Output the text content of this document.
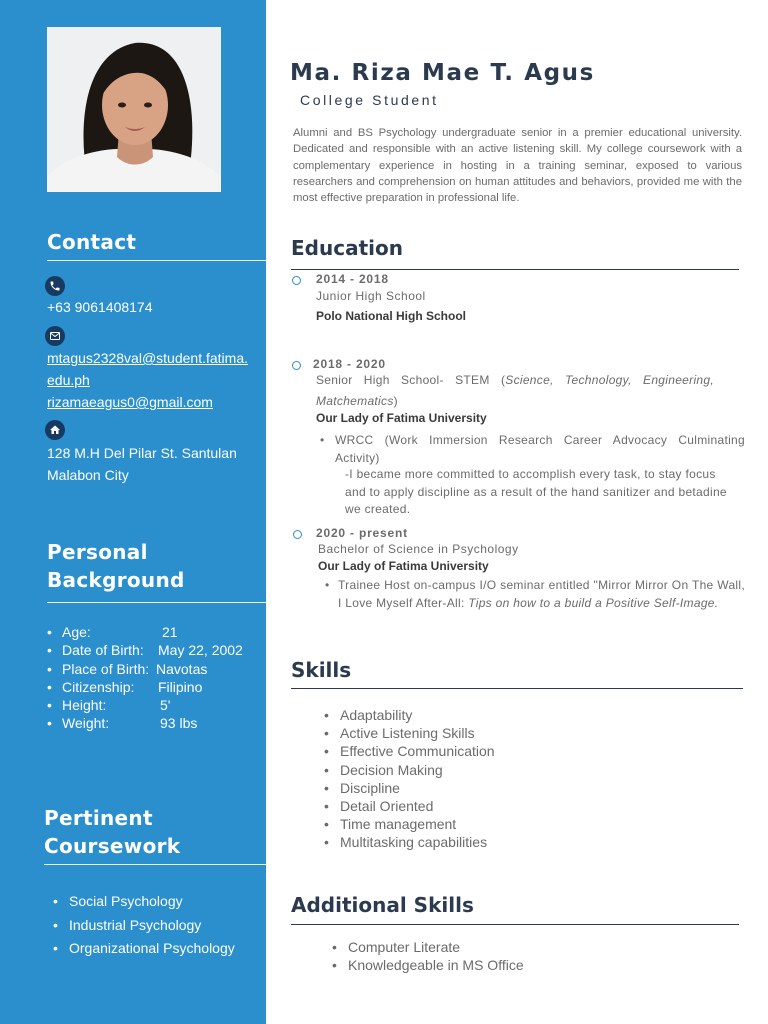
Contact
+63 9061408174
mtagus2328val@student.fatima.
edu.ph
rizamaeagus0@gmail.com
128 M.H Del Pilar St. Santulan
Malabon City
Personal
Background
• Age:	21
• Date of Birth:	May 22, 2002
• Place of Birth: Navotas
• Citizenship:	Filipino
• Height:	5'
• Weight:	93 lbs
Pertinent
Coursework
• Social Psychology
• Industrial Psychology
• Organizational Psychology
Ma. Riza Mae T. Agus
College Student

Alumni and BS Psychology undergraduate senior in a premier educational university. Dedicated and responsible with an active listening skill. My college coursework with a complementary experience in hosting in a training seminar, exposed to various researchers and comprehension on human attitudes and behaviors, provided me with the most effective preparation in professional life.

Education
2014 - 2018
Junior High School
Polo National High School
2018 - 2020
Senior High School- STEM (Science, Technology, Engineering,
Matchematics)
Our Lady of Fatima University
• WRCC (Work Immersion Research Career Advocacy Culminating Activity)
-I became more committed to accomplish every task, to stay focus and to apply discipline as a result of the hand sanitizer and betadine we created.
2020 - present
Bachelor of Science in Psychology
Our Lady of Fatima University
• Trainee Host on-campus I/O seminar entitled "Mirror Mirror On The Wall, I Love Myself After-All: Tips on how to a build a Positive Self-Image.
Skills
• Adaptability
• Active Listening Skills
• Effective Communication
• Decision Making
• Discipline
• Detail Oriented
• Time management
• Multitasking capabilities
Additional Skills
• Computer Literate
• Knowledgeable in MS Office
